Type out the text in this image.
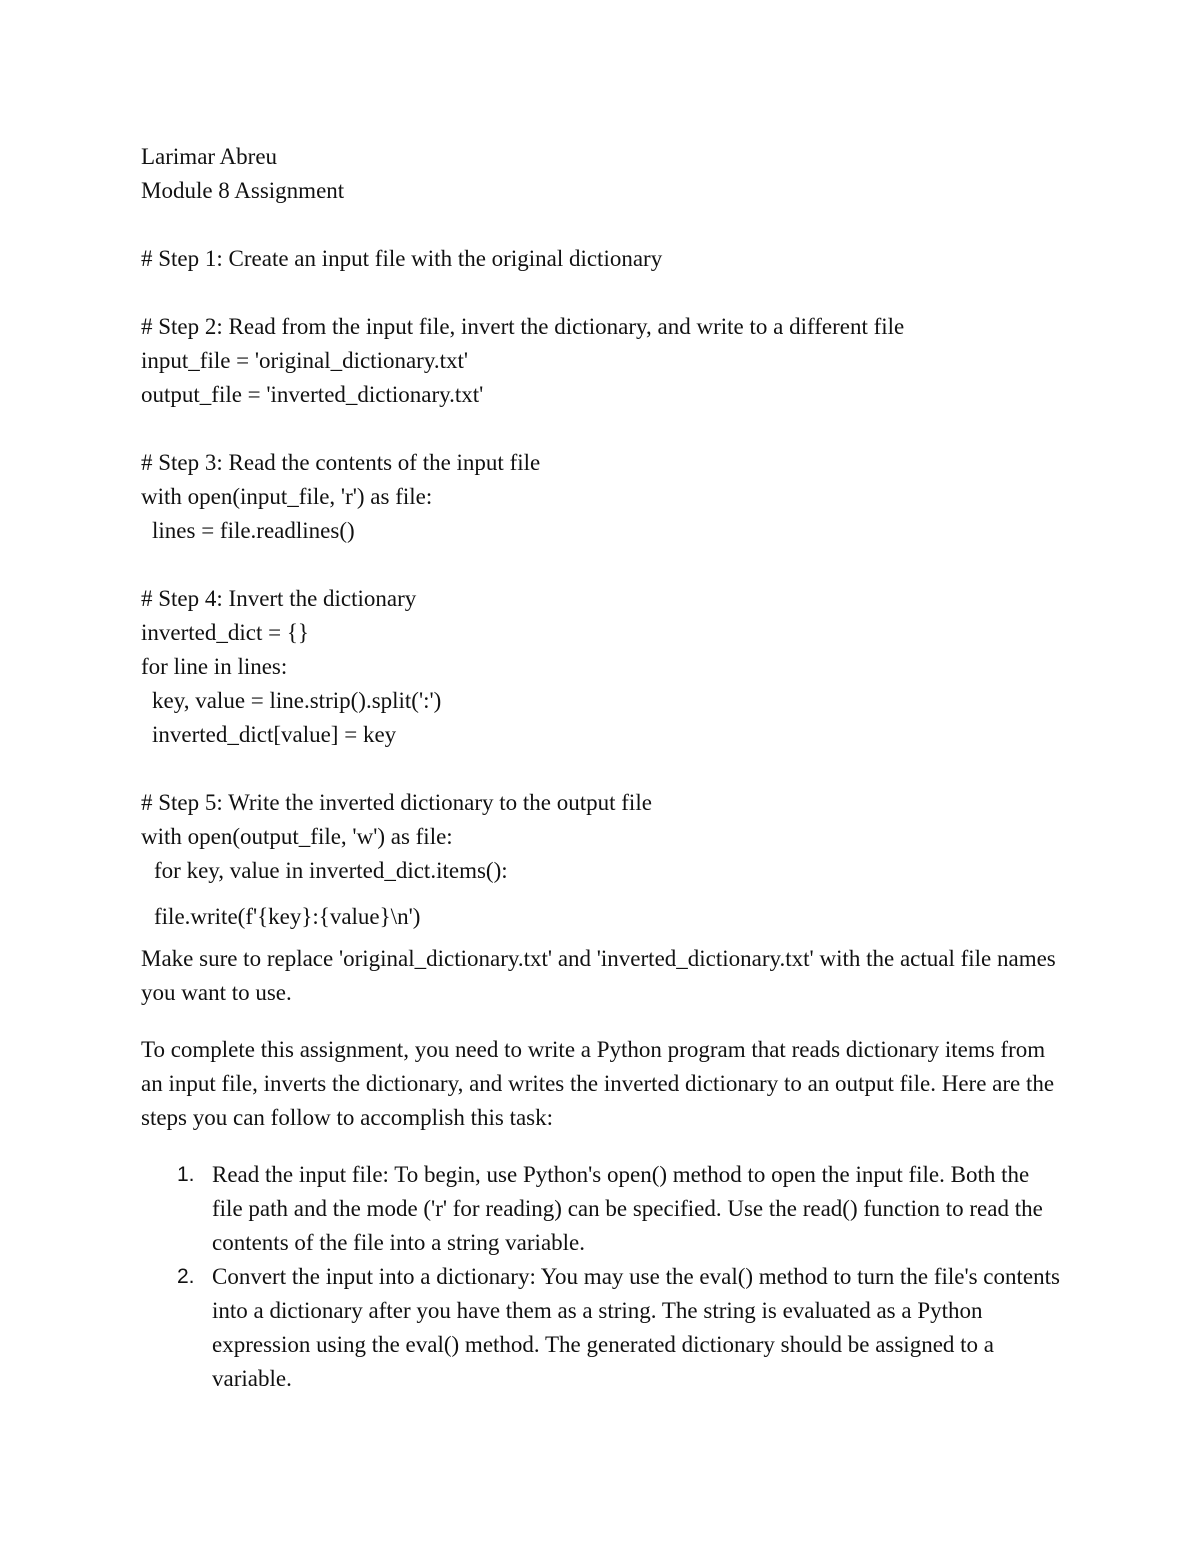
Larimar Abreu
Module 8 Assignment
# Step 1: Create an input file with the original dictionary
# Step 2: Read from the input file, invert the dictionary, and write to a different file
input_file = 'original_dictionary.txt'
output_file = 'inverted_dictionary.txt'
# Step 3: Read the contents of the input file
with open(input_file, 'r') as file:
lines = file.readlines()
# Step 4: Invert the dictionary
inverted_dict = {}
for line in lines:
key, value = line.strip().split(':')
inverted_dict[value] = key
# Step 5: Write the inverted dictionary to the output file
with open(output_file, 'w') as file:
for key, value in inverted_dict.items():
file.write(f'{key}:{value}\n')

Make sure to replace 'original_dictionary.txt' and 'inverted_dictionary.txt' with the actual file names you want to use.

To complete this assignment, you need to write a Python program that reads dictionary items from an input file, inverts the dictionary, and writes the inverted dictionary to an output file. Here are the steps you can follow to accomplish this task:

1. Read the input file: To begin, use Python's open() method to open the input file. Both the file path and the mode ('r' for reading) can be specified. Use the read() function to read the contents of the file into a string variable.
2. Convert the input into a dictionary: You may use the eval() method to turn the file's contents into a dictionary after you have them as a string. The string is evaluated as a Python expression using the eval() method. The generated dictionary should be assigned to a variable.
